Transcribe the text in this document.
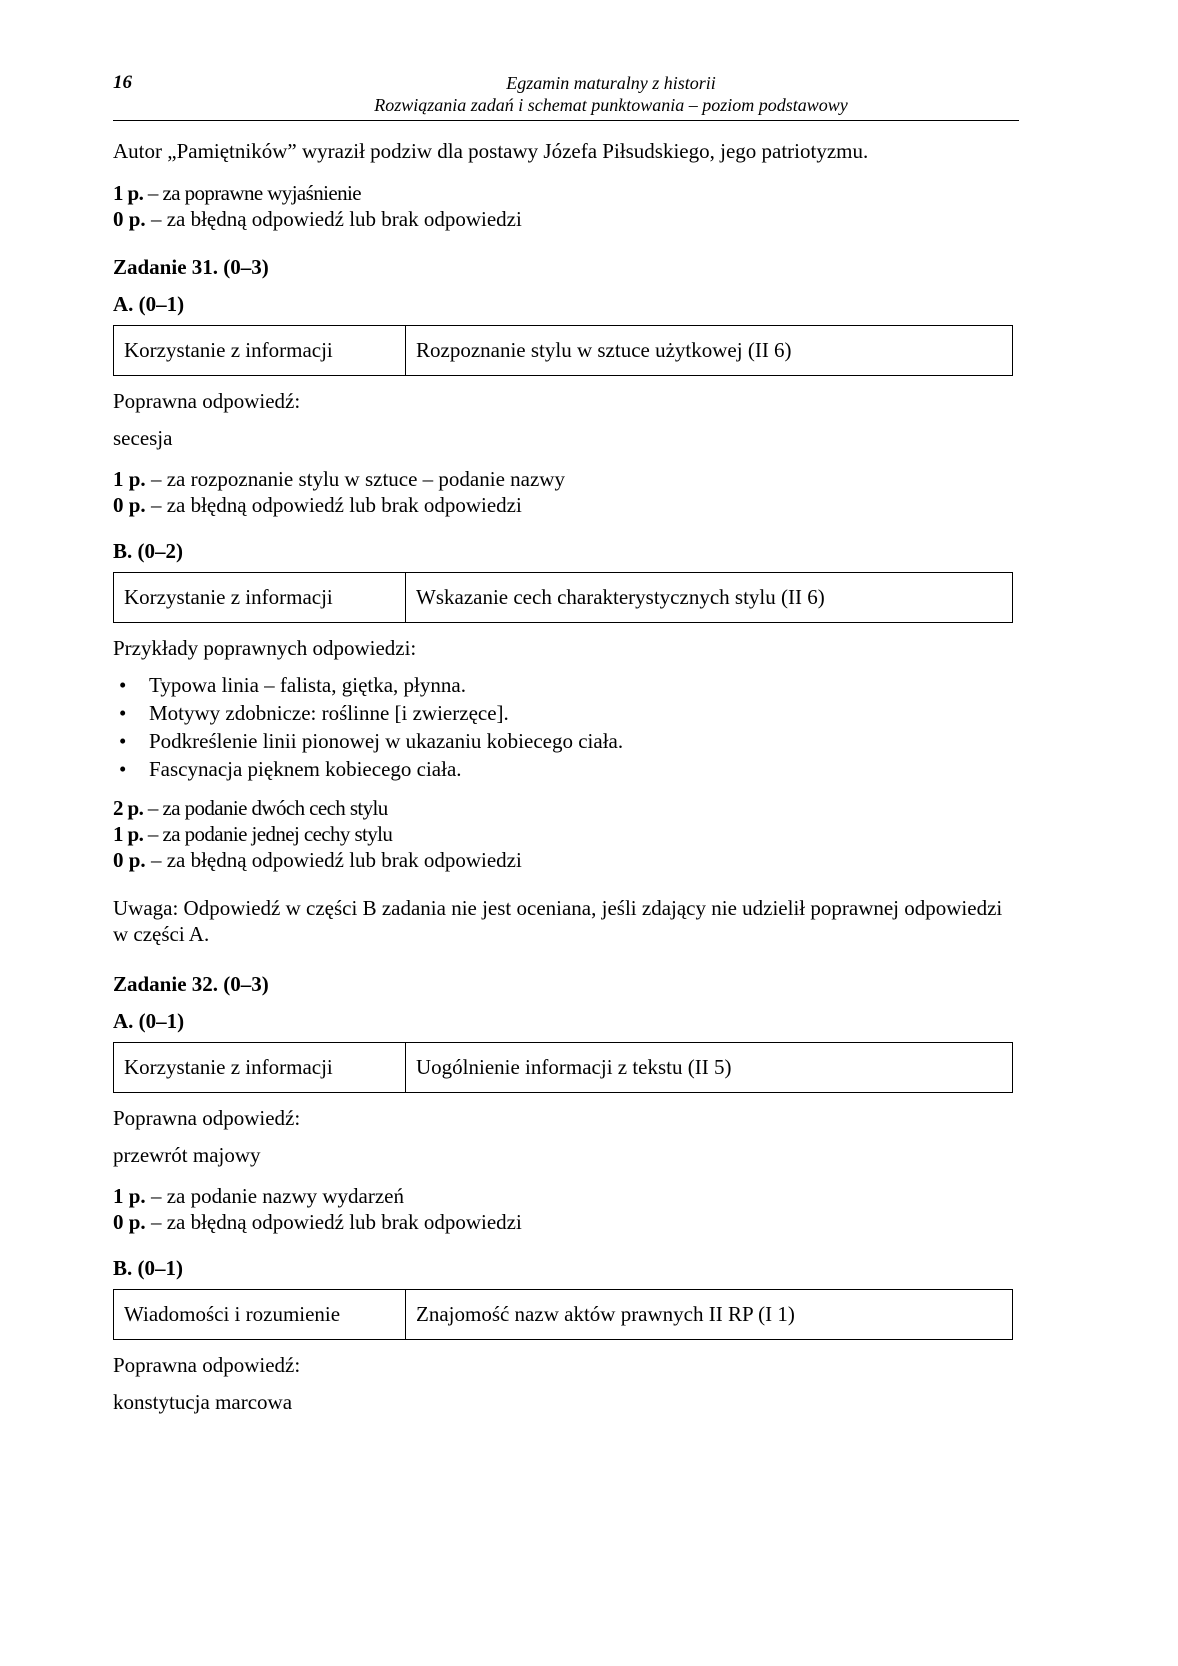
16	Egzamin maturalny z historii
Rozwiązania zadań i schemat punktowania – poziom podstawowy

Autor „Pamiętników” wyraził podziw dla postawy Józefa Piłsudskiego, jego patriotyzmu.

1 p. – za poprawne wyjaśnienie

0 p. – za błędną odpowiedź lub brak odpowiedzi

Zadanie 31. (0–3)

A. (0–1)

Korzystanie z informacji	Rozpoznanie stylu w sztuce użytkowej (II 6)

Poprawna odpowiedź:

secesja

1 p. – za rozpoznanie stylu w sztuce – podanie nazwy

0 p. – za błędną odpowiedź lub brak odpowiedzi

B. (0–2)

Korzystanie z informacji	Wskazanie cech charakterystycznych stylu (II 6)

Przykłady poprawnych odpowiedzi:

• Typowa linia – falista, giętka, płynna.
• Motywy zdobnicze: roślinne [i zwierzęce].
• Podkreślenie linii pionowej w ukazaniu kobiecego ciała.
• Fascynacja pięknem kobiecego ciała.

2 p. – za podanie dwóch cech stylu

1 p. – za podanie jednej cechy stylu

0 p. – za błędną odpowiedź lub brak odpowiedzi

Uwaga: Odpowiedź w części B zadania nie jest oceniana, jeśli zdający nie udzielił poprawnej odpowiedzi w części A.

Zadanie 32. (0–3)

A. (0–1)

Korzystanie z informacji	Uogólnienie informacji z tekstu (II 5)

Poprawna odpowiedź:

przewrót majowy

1 p. – za podanie nazwy wydarzeń

0 p. – za błędną odpowiedź lub brak odpowiedzi

B. (0–1)

Wiadomości i rozumienie	Znajomość nazw aktów prawnych II RP (I 1)

Poprawna odpowiedź:

konstytucja marcowa
